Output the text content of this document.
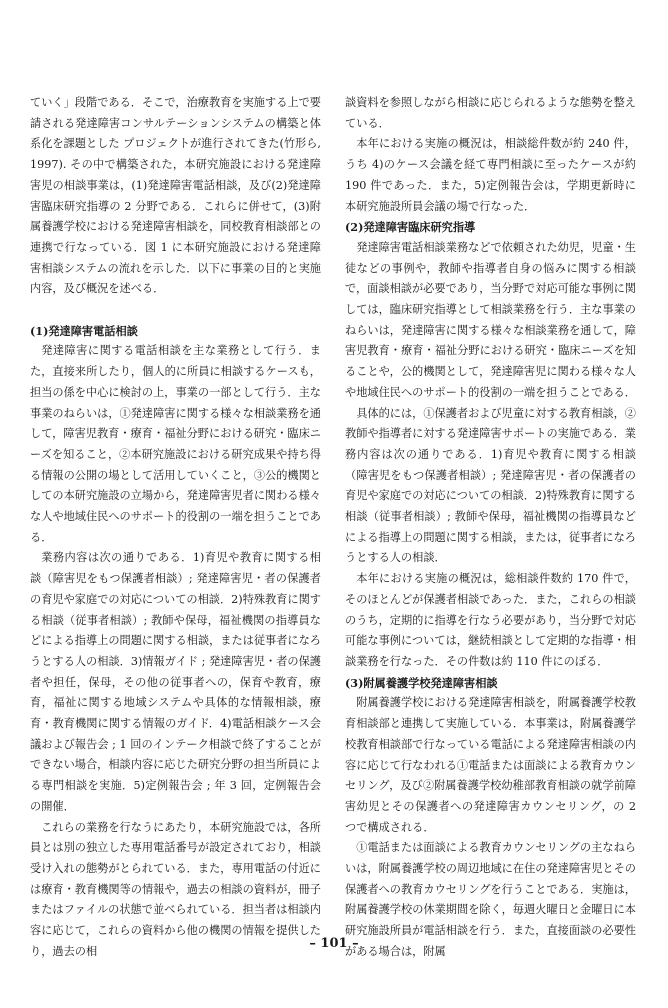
ていく」段階である．そこで，治療教育を実施する上で要請される発達障害コンサルテーションシステムの構築と体系化を課題とした プロジェクトが進行されてきた(竹形ら, 1997). その中で構築された，本研究施設における発達障害児の相談事業は，(1)発達障害電話相談，及び(2)発達障害臨床研究指導の 2 分野である．これらに併せて，(3)附属養護学校における発達障害相談を，同校教育相談部との連携で行なっている．図 1 に本研究施設における発達障害相談システムの流れを示した．以下に事業の目的と実施内容，及び概況を述べる．

(1)発達障害電話相談

発達障害に関する電話相談を主な業務として行う．また，直接来所したり，個人的に所員に相談するケースも，担当の係を中心に検討の上，事業の一部として行う．主な事業のねらいは，①発達障害に関する様々な相談業務を通して，障害児教育・療育・福祉分野における研究・臨床ニーズを知ること，②本研究施設における研究成果や持ち得る情報の公開の場として活用していくこと，③公的機関としての本研究施設の立場から，発達障害児者に関わる様々な人や地域住民へのサポート的役割の一端を担うことである．

業務内容は次の通りである．1)育児や教育に関する相談（障害児をもつ保護者相談）; 発達障害児・者の保護者の育児や家庭での対応についての相談．2)特殊教育に関する相談（従事者相談）; 教師や保母，福祉機関の指導員などによる指導上の問題に関する相談，または従事者になろうとする人の相談．3)情報ガイド ; 発達障害児・者の保護者や担任，保母，その他の従事者への，保育や教育，療育，福祉に関する地域システムや具体的な情報相談，療育・教育機関に関する情報のガイド．4)電話相談ケース会議および報告会 ; 1 回のインテーク相談で終了することができない場合，相談内容に応じた研究分野の担当所員による専門相談を実施．5)定例報告会 ; 年 3 回，定例報告会の開催．

これらの業務を行なうにあたり，本研究施設では，各所員とは別の独立した専用電話番号が設定されており，相談受け入れの態勢がとられている．また，専用電話の付近には療育・教育機関等の情報や，過去の相談の資料が，冊子またはファイルの状態で並べられている．担当者は相談内容に応じて，これらの資料から他の機関の情報を提供したり，過去の相

談資料を参照しながら相談に応じられるような態勢を整えている．

本年における実施の概況は，相談総件数が約 240 件，うち 4)のケース会議を経て専門相談に至ったケースが約 190 件であった．また，5)定例報告会は，学期更新時に本研究施設所員会議の場で行なった．

(2)発達障害臨床研究指導

発達障害電話相談業務などで依頼された幼児，児童・生徒などの事例や，教師や指導者自身の悩みに関する相談で，面談相談が必要であり，当分野で対応可能な事例に関しては，臨床研究指導として相談業務を行う．主な事業のねらいは，発達障害に関する様々な相談業務を通して，障害児教育・療育・福祉分野における研究・臨床ニーズを知ることや，公的機関として，発達障害児に関わる様々な人や地域住民へのサポート的役割の一端を担うことである．

具体的には，①保護者および児童に対する教育相談，②教師や指導者に対する発達障害サポートの実施である．業務内容は次の通りである．1)育児や教育に関する相談（障害児をもつ保護者相談）; 発達障害児・者の保護者の育児や家庭での対応についての相談．2)特殊教育に関する相談（従事者相談）; 教師や保母，福祉機関の指導員などによる指導上の問題に関する相談，または，従事者になろうとする人の相談．

本年における実施の概況は，総相談件数約 170 件で，そのほとんどが保護者相談であった．また，これらの相談のうち，定期的に指導を行なう必要があり，当分野で対応可能な事例については，継続相談として定期的な指導・相談業務を行なった．その件数は約 110 件にのぼる．

(3)附属養護学校発達障害相談

附属養護学校における発達障害相談を，附属養護学校教育相談部と連携して実施している．本事業は，附属養護学校教育相談部で行なっている電話による発達障害相談の内容に応じて行なわれる①電話または面談による教育カウンセリング，及び②附属養護学校幼稚部教育相談の就学前障害幼児とその保護者への発達障害カウンセリング，の 2 つで構成される．

①電話または面談による教育カウンセリングの主なねらいは，附属養護学校の周辺地域に在住の発達障害児とその保護者への教育カウセリングを行うことである．実施は，附属養護学校の休業期間を除く，毎週火曜日と金曜日に本研究施設所員が電話相談を行う．また，直接面談の必要性がある場合は，附属

– 101 –
